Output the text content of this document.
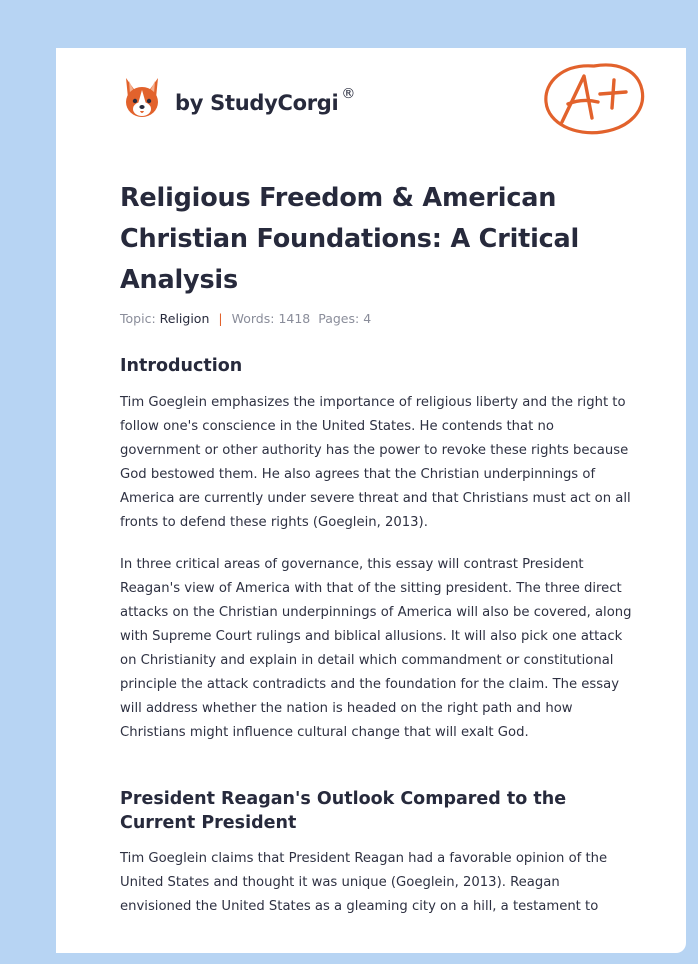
by StudyCorgi ®
Religious Freedom & American Christian Foundations: A Critical Analysis
Topic: Religion | Words: 1418 Pages: 4
Introduction

Tim Goeglein emphasizes the importance of religious liberty and the right to follow one's conscience in the United States. He contends that no government or other authority has the power to revoke these rights because God bestowed them. He also agrees that the Christian underpinnings of America are currently under severe threat and that Christians must act on all fronts to defend these rights (Goeglein, 2013).

In three critical areas of governance, this essay will contrast President Reagan's view of America with that of the sitting president. The three direct attacks on the Christian underpinnings of America will also be covered, along with Supreme Court rulings and biblical allusions. It will also pick one attack on Christianity and explain in detail which commandment or constitutional principle the attack contradicts and the foundation for the claim. The essay will address whether the nation is headed on the right path and how Christians might influence cultural change that will exalt God.

President Reagan's Outlook Compared to the Current President

Tim Goeglein claims that President Reagan had a favorable opinion of the United States and thought it was unique (Goeglein, 2013). Reagan envisioned the United States as a gleaming city on a hill, a testament to
